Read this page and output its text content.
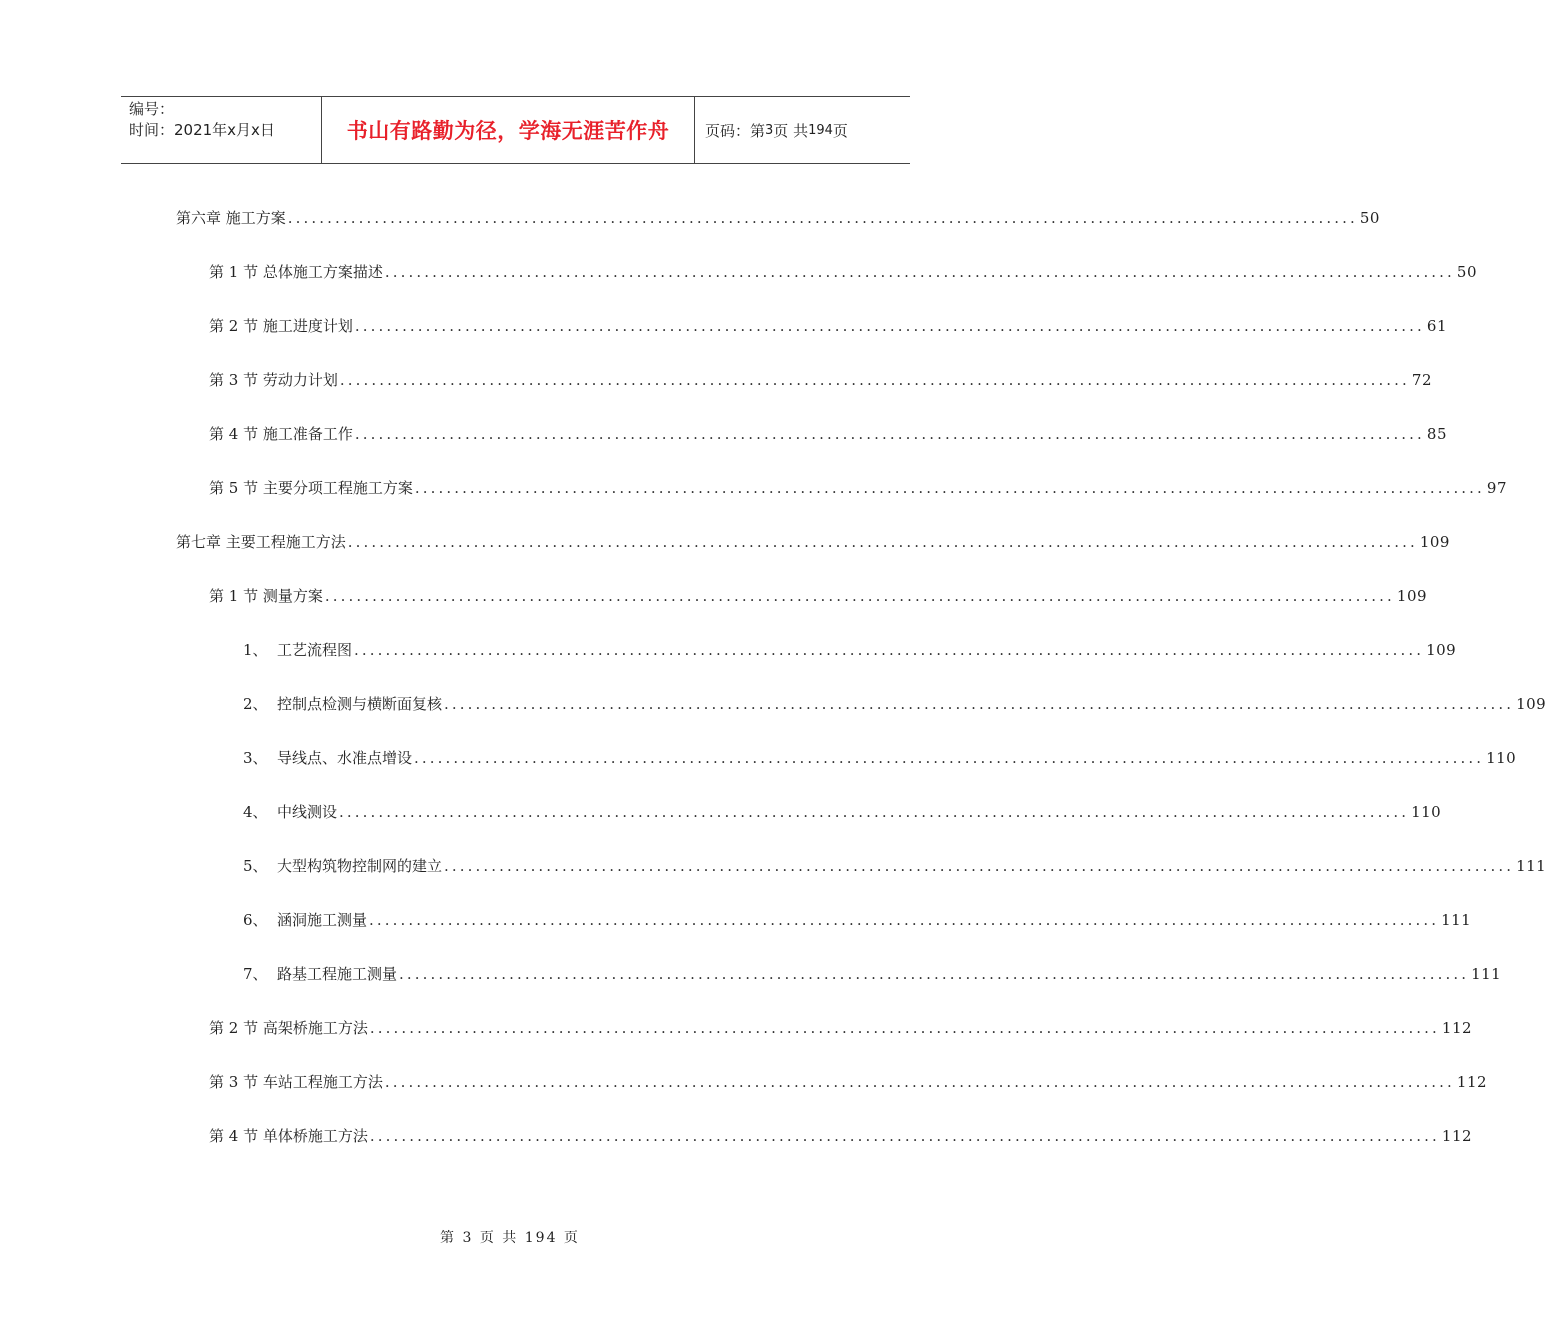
编号：
时间：2021年x月x日	书山有路勤为径，学海无涯苦作舟	页码：第 3 页 共 194 页
第六章 施工方案 ........................................................................................................................................ 50
第 1 节 总体施工方案描述 ........................................................................................................................................ 50
第 2 节 施工进度计划 ........................................................................................................................................ 61
第 3 节 劳动力计划 ........................................................................................................................................ 72
第 4 节 施工准备工作 ........................................................................................................................................ 85
第 5 节 主要分项工程施工方案 ........................................................................................................................................ 97
第七章 主要工程施工方法 ........................................................................................................................................ 109
第 1 节 测量方案 ........................................................................................................................................ 109
1、 工艺流程图 ........................................................................................................................................ 109
2、 控制点检测与横断面复核 ........................................................................................................................................ 109
3、 导线点、水准点增设 ........................................................................................................................................ 110
4、 中线测设 ........................................................................................................................................ 110
5、 大型构筑物控制网的建立 ........................................................................................................................................ 111
6、 涵洞施工测量 ........................................................................................................................................ 111
7、 路基工程施工测量 ........................................................................................................................................ 111
第 2 节 高架桥施工方法 ........................................................................................................................................ 112
第 3 节 车站工程施工方法 ........................................................................................................................................ 112
第 4 节 单体桥施工方法 ........................................................................................................................................ 112
第 3 页 共 194 页
